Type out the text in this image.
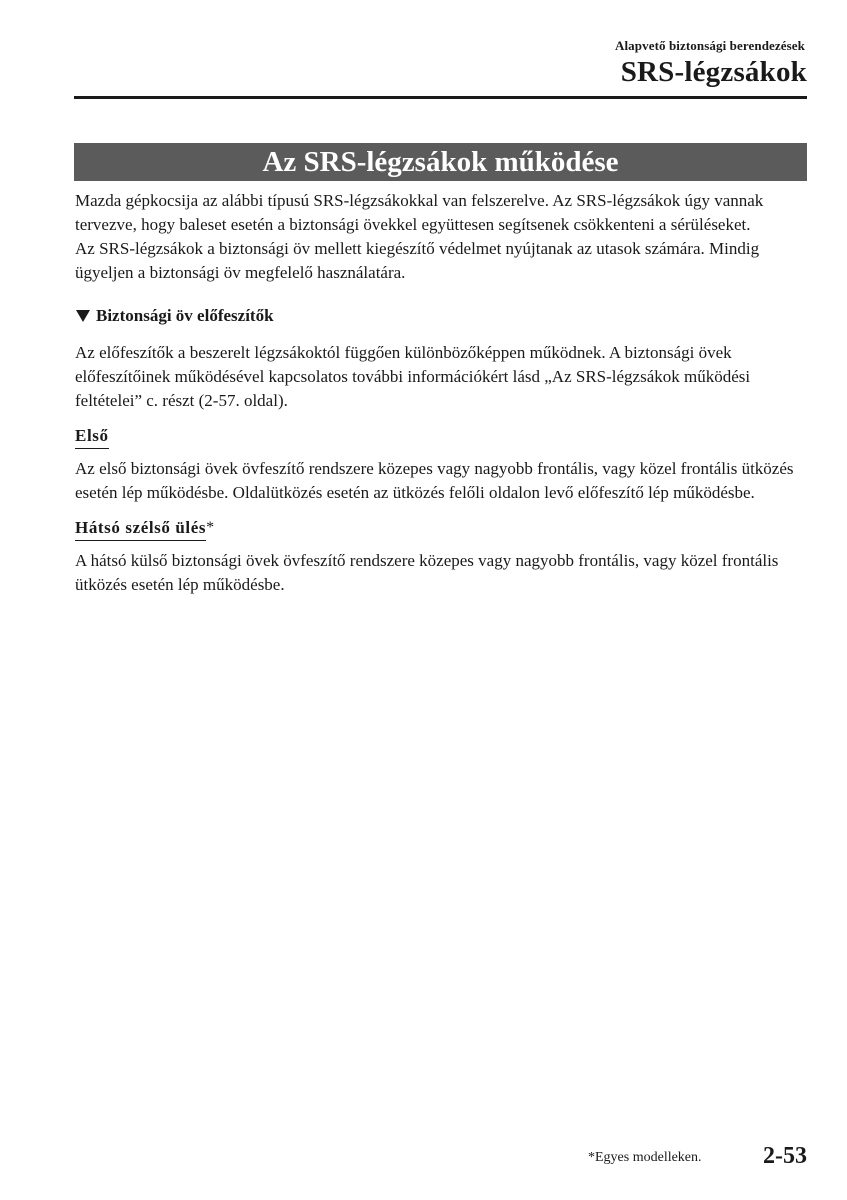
Alapvető biztonsági berendezések
SRS-légzsákok
Az SRS-légzsákok működése

Mazda gépkocsija az alábbi típusú SRS-légzsákokkal van felszerelve. Az SRS-légzsákok úgy vannak tervezve, hogy baleset esetén a biztonsági övekkel együttesen segítsenek csökkenteni a sérüléseket.

Az SRS-légzsákok a biztonsági öv mellett kiegészítő védelmet nyújtanak az utasok számára. Mindig ügyeljen a biztonsági öv megfelelő használatára.

Biztonsági öv előfeszítők

Az előfeszítők a beszerelt légzsákoktól függően különbözőképpen működnek. A biztonsági övek előfeszítőinek működésével kapcsolatos további információkért lásd „Az SRS-légzsákok működési feltételei” c. részt (2-57. oldal).

Első

Az első biztonsági övek övfeszítő rendszere közepes vagy nagyobb frontális, vagy közel frontális ütközés esetén lép működésbe. Oldalütközés esetén az ütközés felőli oldalon levő előfeszítő lép működésbe.

Hátsó szélső ülés*

A hátsó külső biztonsági övek övfeszítő rendszere közepes vagy nagyobb frontális, vagy közel frontális ütközés esetén lép működésbe.

*Egyes modelleken.	2-53
